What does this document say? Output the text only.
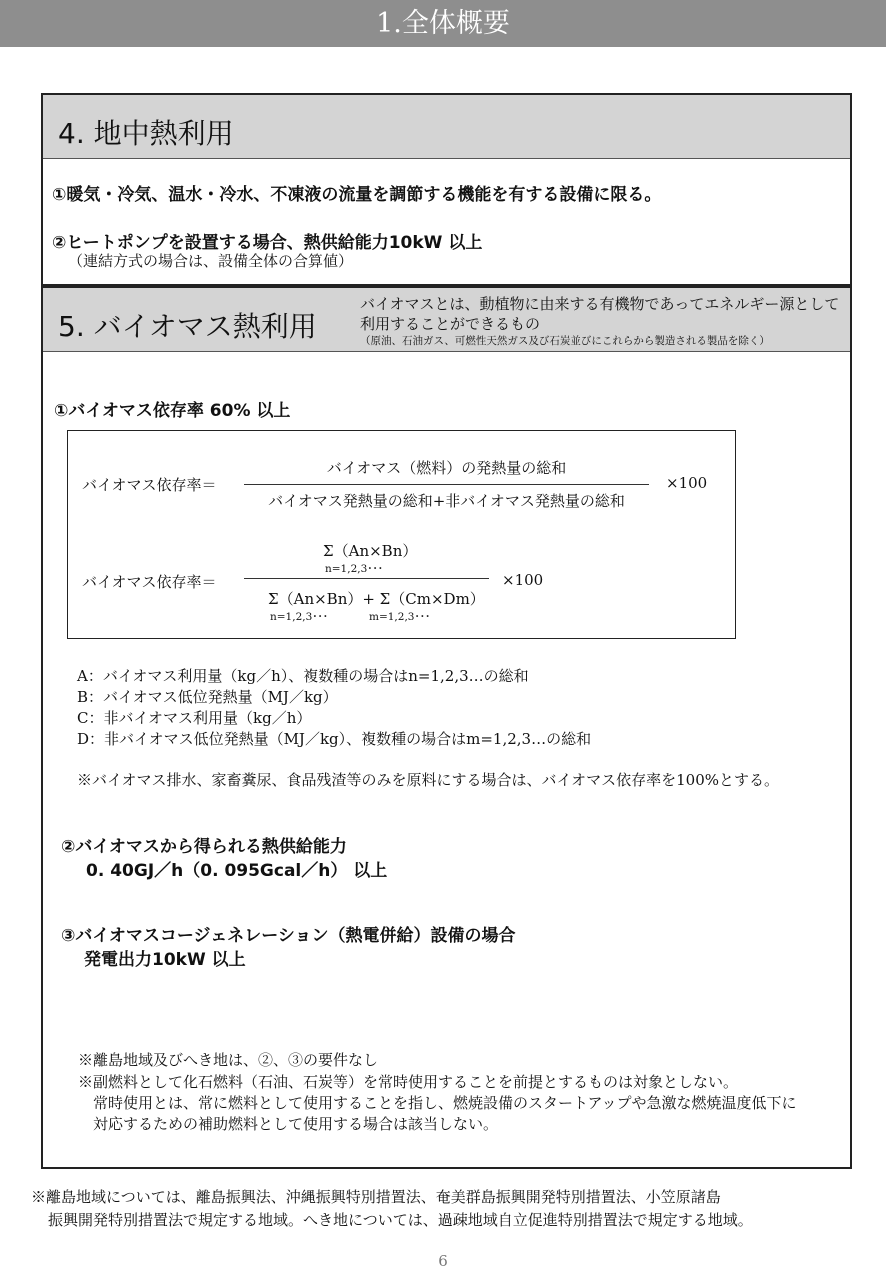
1.全体概要
4. 地中熱利用
①暖気・冷気、温水・冷水、不凍液の流量を調節する機能を有する設備に限る。
②ヒートポンプを設置する場合、熱供給能力10kW 以上
（連結方式の場合は、設備全体の合算値）
5. バイオマス熱利用
バイオマスとは、動植物に由来する有機物であってエネルギー源として
利用することができるもの
（原油、石油ガス、可燃性天然ガス及び石炭並びにこれらから製造される製品を除く）
①バイオマス依存率 60% 以上
バイオマス依存率＝
バイオマス（燃料）の発熱量の総和
バイオマス発熱量の総和+非バイオマス発熱量の総和
×100
バイオマス依存率＝
Σ（An×Bn）
n=1,2,3･･･
Σ（An×Bn）+ Σ（Cm×Dm）
n=1,2,3･･･	m=1,2,3･･･
×100
A：バイオマス利用量（kg／h）、複数種の場合はn=1,2,3…の総和
B：バイオマス低位発熱量（MJ／kg）
C：非バイオマス利用量（kg／h）
D：非バイオマス低位発熱量（MJ／kg）、複数種の場合はm=1,2,3…の総和
※バイオマス排水、家畜糞尿、食品残渣等のみを原料にする場合は、バイオマス依存率を100%とする。
②バイオマスから得られる熱供給能力
0. 40GJ／h（0. 095Gcal／h） 以上
③バイオマスコージェネレーション（熱電併給）設備の場合
発電出力10kW 以上
※離島地域及びへき地は、②、③の要件なし
※副燃料として化石燃料（石油、石炭等）を常時使用することを前提とするものは対象としない。
常時使用とは、常に燃料として使用することを指し、燃焼設備のスタートアップや急激な燃焼温度低下に
対応するための補助燃料として使用する場合は該当しない。
※離島地域については、離島振興法、沖縄振興特別措置法、奄美群島振興開発特別措置法、小笠原諸島
振興開発特別措置法で規定する地域。へき地については、過疎地域自立促進特別措置法で規定する地域。
6
